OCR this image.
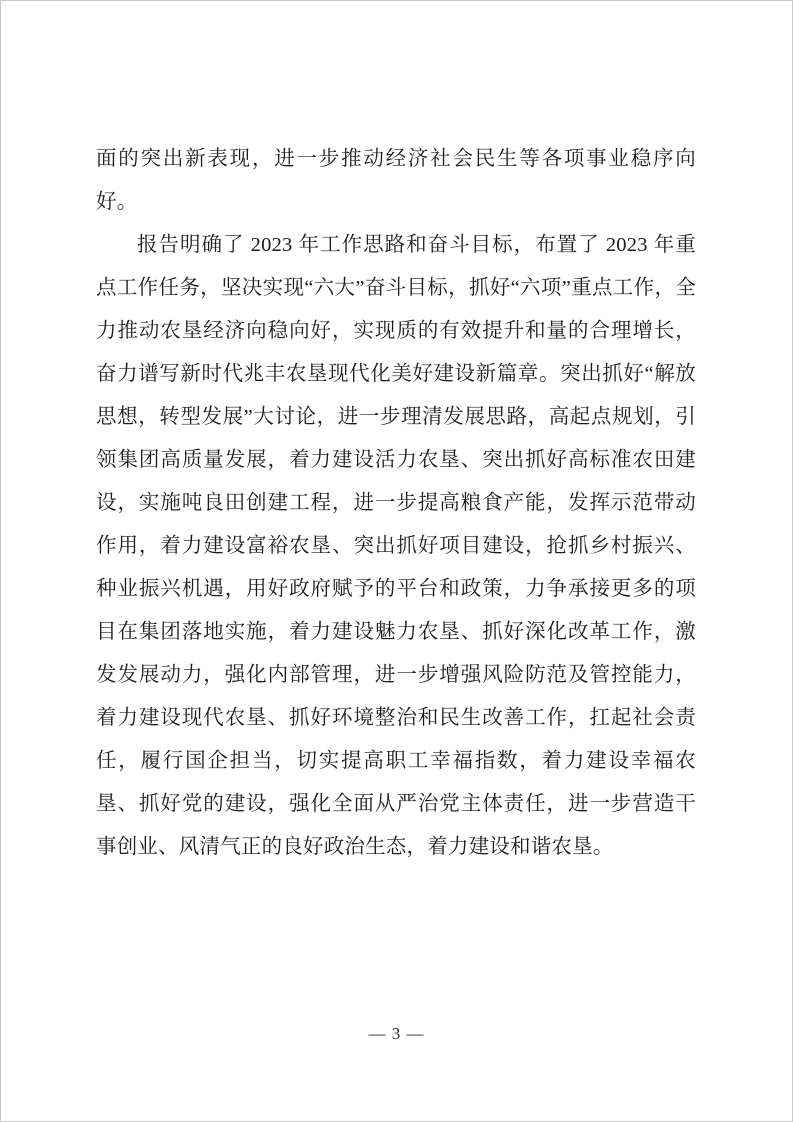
面的突出新表现，进一步推动经济社会民生等各项事业稳序向好。

报告明确了 2023 年工作思路和奋斗目标，布置了 2023 年重点工作任务，坚决实现“六大”奋斗目标，抓好“六项”重点工作，全力推动农垦经济向稳向好，实现质的有效提升和量的合理增长，奋力谱写新时代兆丰农垦现代化美好建设新篇章。突出抓好“解放思想，转型发展”大讨论，进一步理清发展思路，高起点规划，引领集团高质量发展，着力建设活力农垦、突出抓好高标准农田建设，实施吨良田创建工程，进一步提高粮食产能，发挥示范带动作用，着力建设富裕农垦、突出抓好项目建设，抢抓乡村振兴、种业振兴机遇，用好政府赋予的平台和政策，力争承接更多的项目在集团落地实施，着力建设魅力农垦、抓好深化改革工作，激发发展动力，强化内部管理，进一步增强风险防范及管控能力，着力建设现代农垦、抓好环境整治和民生改善工作，扛起社会责任，履行国企担当，切实提高职工幸福指数，着力建设幸福农垦、抓好党的建设，强化全面从严治党主体责任，进一步营造干事创业、风清气正的良好政治生态，着力建设和谐农垦。

— 3 —
